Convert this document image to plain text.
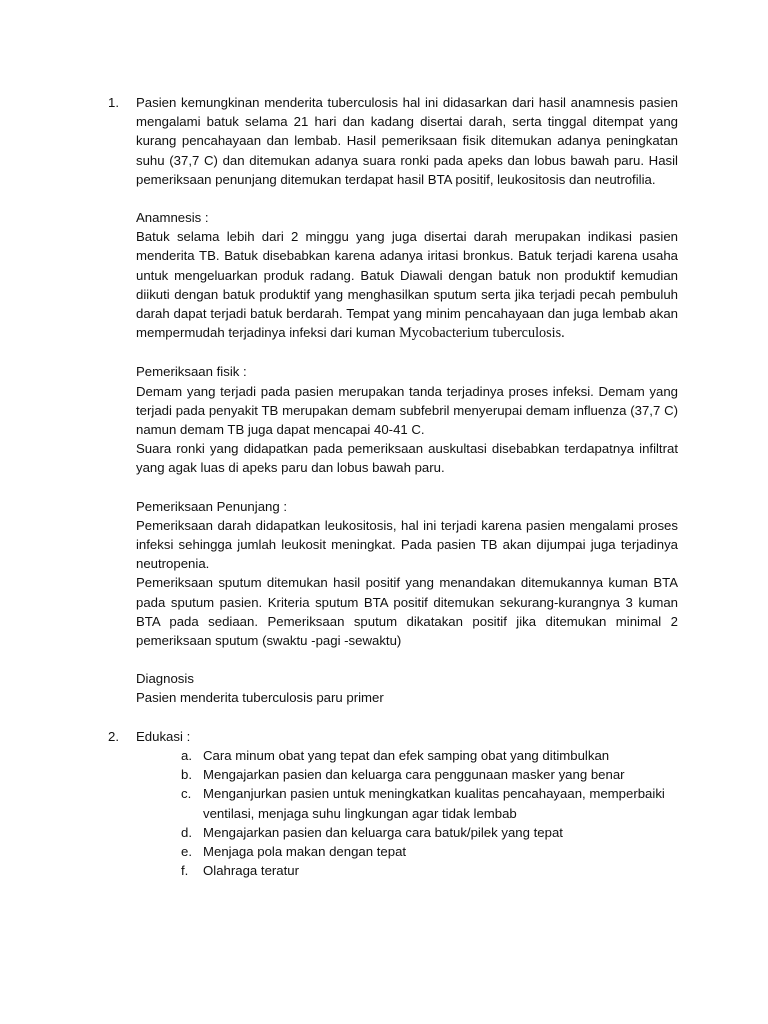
1. Pasien kemungkinan menderita tuberculosis hal ini didasarkan dari hasil anamnesis pasien mengalami batuk selama 21 hari dan kadang disertai darah, serta tinggal ditempat yang kurang pencahayaan dan lembab. Hasil pemeriksaan fisik ditemukan adanya peningkatan suhu (37,7 C) dan ditemukan adanya suara ronki pada apeks dan lobus bawah paru. Hasil pemeriksaan penunjang ditemukan terdapat hasil BTA positif, leukositosis dan neutrofilia.

Anamnesis :

Batuk selama lebih dari 2 minggu yang juga disertai darah merupakan indikasi pasien menderita TB. Batuk disebabkan karena adanya iritasi bronkus. Batuk terjadi karena usaha untuk mengeluarkan produk radang. Batuk Diawali dengan batuk non produktif kemudian diikuti dengan batuk produktif yang menghasilkan sputum serta jika terjadi pecah pembuluh darah dapat terjadi batuk berdarah. Tempat yang minim pencahayaan dan juga lembab akan mempermudah terjadinya infeksi dari kuman Mycobacterium tuberculosis.

Pemeriksaan fisik :

Demam yang terjadi pada pasien merupakan tanda terjadinya proses infeksi. Demam yang terjadi pada penyakit TB merupakan demam subfebril menyerupai demam influenza (37,7 C) namun demam TB juga dapat mencapai 40-41 C.

Suara ronki yang didapatkan pada pemeriksaan auskultasi disebabkan terdapatnya infiltrat yang agak luas di apeks paru dan lobus bawah paru.

Pemeriksaan Penunjang :

Pemeriksaan darah didapatkan leukositosis, hal ini terjadi karena pasien mengalami proses infeksi sehingga jumlah leukosit meningkat. Pada pasien TB akan dijumpai juga terjadinya neutropenia.

Pemeriksaan sputum ditemukan hasil positif yang menandakan ditemukannya kuman BTA pada sputum pasien. Kriteria sputum BTA positif ditemukan sekurang-kurangnya 3 kuman BTA pada sediaan. Pemeriksaan sputum dikatakan positif jika ditemukan minimal 2 pemeriksaan sputum (swaktu -pagi -sewaktu)

Diagnosis

Pasien menderita tuberculosis paru primer

2. Edukasi :

a. Cara minum obat yang tepat dan efek samping obat yang ditimbulkan
b. Mengajarkan pasien dan keluarga cara penggunaan masker yang benar
c. Menganjurkan pasien untuk meningkatkan kualitas pencahayaan, memperbaiki ventilasi, menjaga suhu lingkungan agar tidak lembab
d. Mengajarkan pasien dan keluarga cara batuk/pilek yang tepat
e. Menjaga pola makan dengan tepat
f. Olahraga teratur
